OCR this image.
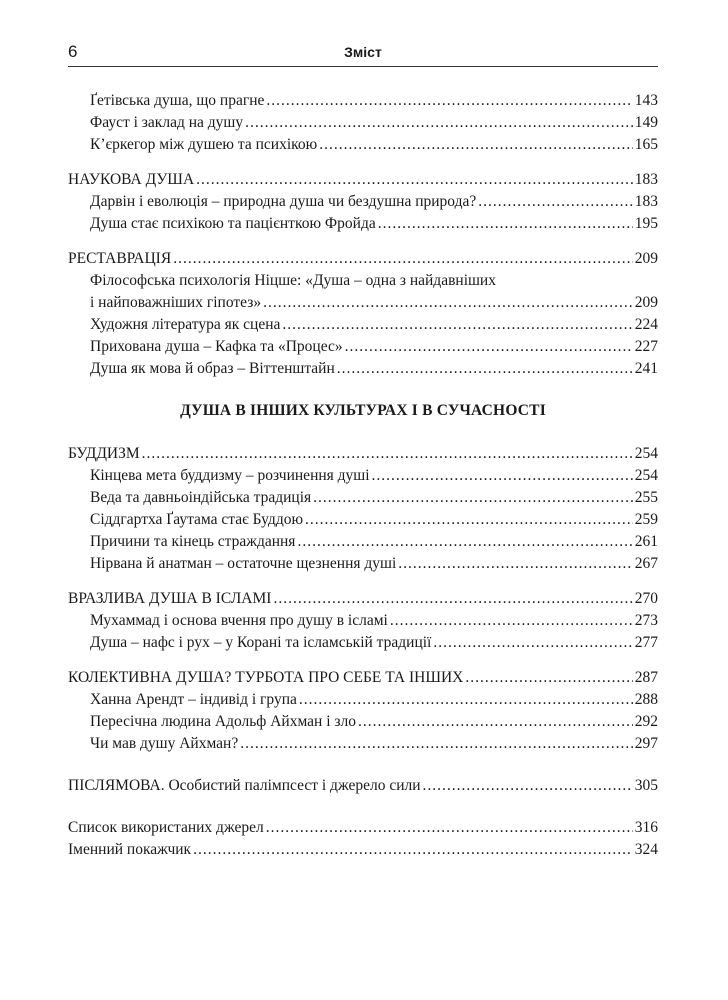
6	Зміст
Ґетівська душа, що прагне .....	143
Фауст і заклад на душу .....	149
К’єркегор між душею та психікою .....	165
НАУКОВА ДУША .....	183
Дарвін і еволюція – природна душа чи бездушна природа? .....	183
Душа стає психікою та пацієнткою Фройда .....	195
РЕСТАВРАЦІЯ .....	209
Філософська психологія Ніцше: «Душа – одна з найдавніших
і найповажніших гіпотез» .....	209
Художня література як сцена .....	224
Прихована душа – Кафка та «Процес» .....	227
Душа як мова й образ – Віттенштайн .....	241
ДУША В ІНШИХ КУЛЬТУРАХ І В СУЧАСНОСТІ
БУДДИЗМ .....	254
Кінцева мета буддизму – розчинення душі .....	254
Веда та давньоіндійська традиція .....	255
Сіддгартха Ґаутама стає Буддою .....	259
Причини та кінець страждання .....	261
Нірвана й анатман – остаточне щезнення душі .....	267
ВРАЗЛИВА ДУША В ІСЛАМІ .....	270
Мухаммад і основа вчення про душу в ісламі .....	273
Душа – нафс і рух – у Корані та ісламській традиції .....	277
КОЛЕКТИВНА ДУША? ТУРБОТА ПРО СЕБЕ ТА ІНШИХ .....	287
Ханна Арендт – індивід і група .....	288
Пересічна людина Адольф Айхман і зло .....	292
Чи мав душу Айхман? .....	297
ПІСЛЯМОВА. Особистий палімпсест і джерело сили .....	305
Список використаних джерел .....	316
Іменний покажчик .....	324
